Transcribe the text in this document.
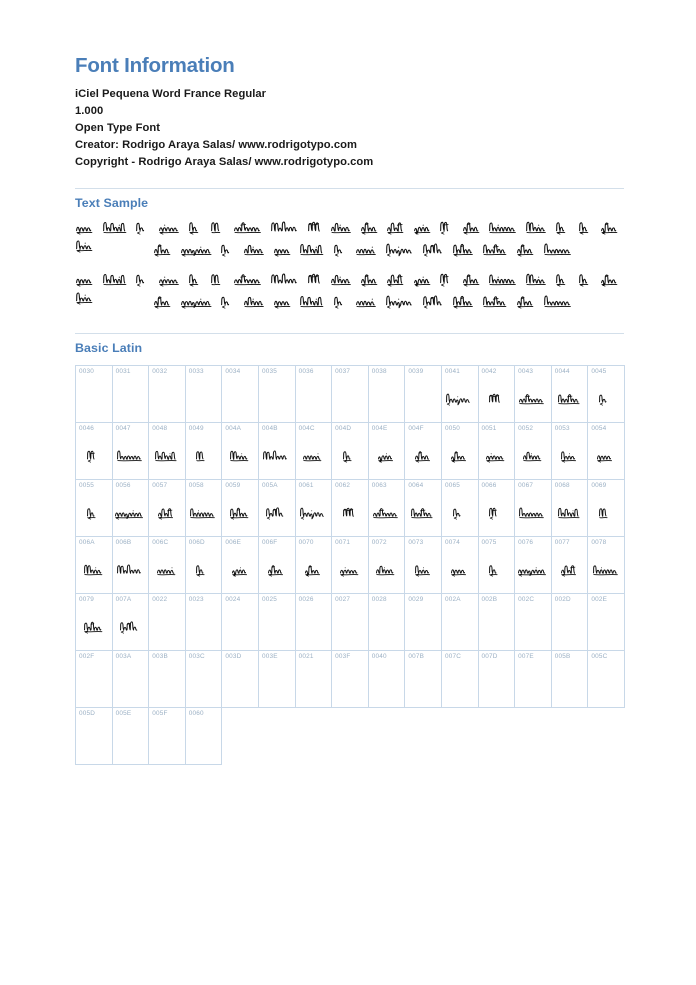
Font Information
iCiel Pequena Word France Regular
1.000
Open Type Font
Creator: Rodrigo Araya Salas/ www.rodrigotypo.com
Copyright - Rodrigo Araya Salas/ www.rodrigotypo.com
Text Sample

Basic Latin
0030	0031	0032	0033	0034	0035	0036	0037	0038	0039	0041	0042	0043	0044	0045

0046	0047	0048	0049	004A	004B	004C	004D	004E	004F	0050	0051	0052	0053	0054

0055	0056	0057	0058	0059	005A	0061	0062	0063	0064	0065	0066	0067	0068	0069

006A	006B	006C	006D	006E	006F	0070	0071	0072	0073	0074	0075	0076	0077	0078

0079	007A	0022	0023	0024	0025	0026	0027	0028	0029	002A	002B	002C	002D	002E

002F	003A	003B	003C	003D	003E	0021	003F	0040	007B	007C	007D	007E	005B	005C

005D	005E	005F	0060											
